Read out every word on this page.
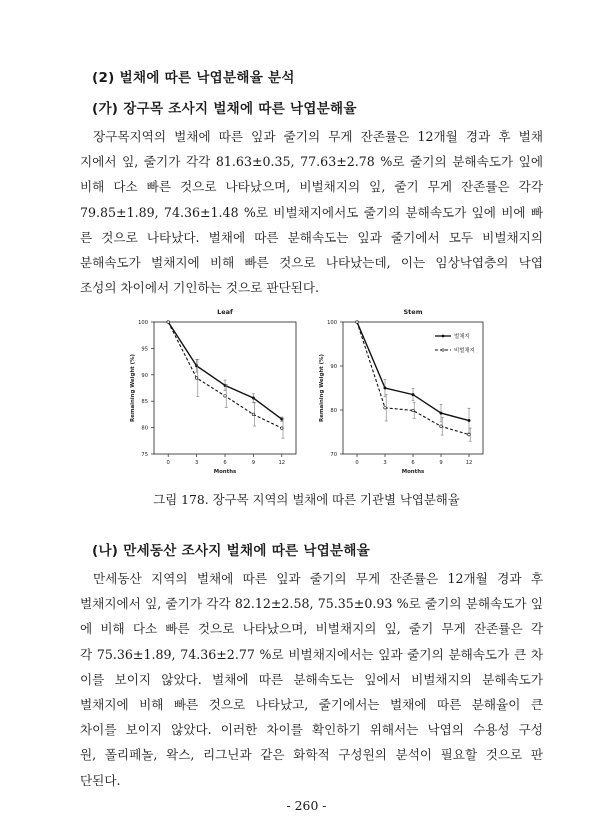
(2) 벌채에 따른 낙엽분해율 분석
(가) 장구목 조사지 벌채에 따른 낙엽분해율
장구목지역의 벌채에 따른 잎과 줄기의 무게 잔존률은 12개월 경과 후 벌채
지에서 잎, 줄기가 각각 81.63±0.35, 77.63±2.78 %로 줄기의 분해속도가 잎에
비해 다소 빠른 것으로 나타났으며, 비벌채지의 잎, 줄기 무게 잔존률은 각각
79.85±1.89, 74.36±1.48 %로 비벌채지에서도 줄기의 분해속도가 잎에 비에 빠
른 것으로 나타났다. 벌채에 따른 분해속도는 잎과 줄기에서 모두 비벌채지의
분해속도가 벌채지에 비해 빠른 것으로 나타났는데, 이는 임상낙엽층의 낙엽
조성의 차이에서 기인하는 것으로 판단된다.
Leaf
75
80
85
90
95
100
0	3	6	9	12
Months
Remaining Weight (%)
Stem
70
80
90
100
0	3	6	9	12
Months
Remaining Weight (%)
벌채지
비벌채지
그림 178. 장구목 지역의 벌채에 따른 기관별 낙엽분해율
(나) 만세동산 조사지 벌채에 따른 낙엽분해율
만세동산 지역의 벌채에 따른 잎과 줄기의 무게 잔존률은 12개월 경과 후
벌채지에서 잎, 줄기가 각각 82.12±2.58, 75.35±0.93 %로 줄기의 분해속도가 잎
에 비해 다소 빠른 것으로 나타났으며, 비벌채지의 잎, 줄기 무게 잔존률은 각
각 75.36±1.89, 74.36±2.77 %로 비벌채지에서는 잎과 줄기의 분해속도가 큰 차
이를 보이지 않았다. 벌채에 따른 분해속도는 잎에서 비벌채지의 분해속도가
벌채지에 비해 빠른 것으로 나타났고, 줄기에서는 벌채에 따른 분해율이 큰
차이를 보이지 않았다. 이러한 차이를 확인하기 위해서는 낙엽의 수용성 구성
원, 폴리페놀, 왁스, 리그닌과 같은 화학적 구성원의 분석이 필요할 것으로 판
단된다.
- 260 -
